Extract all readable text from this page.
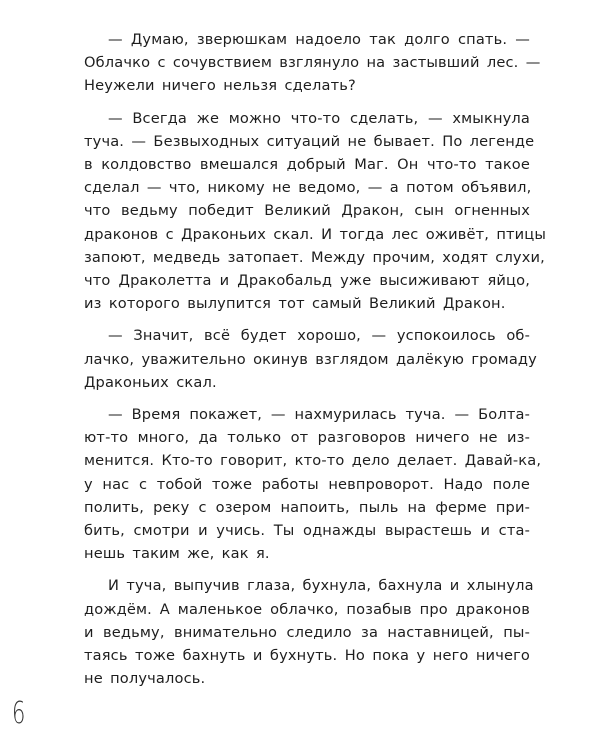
— Думаю, зверюшкам надоело так долго спать. —
Облачко с сочувствием взглянуло на застывший лес. —
Неужели ничего нельзя сделать?

— Всегда же можно что-то сделать, — хмыкнула
туча. — Безвыходных ситуаций не бывает. По легенде
в колдовство вмешался добрый Маг. Он что-то такое
сделал — что, никому не ведомо, — а потом объявил,
что ведьму победит Великий Дракон, сын огненных
драконов с Драконьих скал. И тогда лес оживёт, птицы
запоют, медведь затопает. Между прочим, ходят слухи,
что Драколетта и Дракобальд уже высиживают яйцо,
из которого вылупится тот самый Великий Дракон.

— Значит, всё будет хорошо, — успокоилось об-
лачко, уважительно окинув взглядом далёкую громаду
Драконьих скал.

— Время покажет, — нахмурилась туча. — Болта-
ют-то много, да только от разговоров ничего не из-
менится. Кто-то говорит, кто-то дело делает. Давай-ка,
у нас с тобой тоже работы невпроворот. Надо поле
полить, реку с озером напоить, пыль на ферме при-
бить, смотри и учись. Ты однажды вырастешь и ста-
нешь таким же, как я.

И туча, выпучив глаза, бухнула, бахнула и хлынула
дождём. А маленькое облачко, позабыв про драконов
и ведьму, внимательно следило за наставницей, пы-
таясь тоже бахнуть и бухнуть. Но пока у него ничего
не получалось.

6
